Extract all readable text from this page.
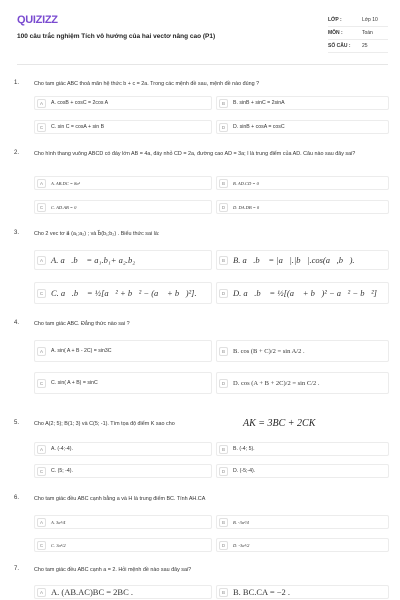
QUIZIZZ
100 câu trắc nghiệm Tích vô hướng của hai vectơ nâng cao (P1)
LỚP :	Lớp 10
MÔN :	Toán
SỐ CÂU :	25
1.	Cho tam giác ABC thoả mãn hệ thức b + c = 2a. Trong các mệnh đề sau, mệnh đề nào đúng ?
A	A. cosB + cosC = 2cos A	B	B. sinB + sinC = 2sinA
C	C. sin C = cosA + sin B	D	D. sinB + cosA = cosC
2.	Cho hình thang vuông ABCD có đáy lớn AB = 4a, đáy nhỏ CD = 2a, đường cao AD = 3a; I là trung điểm của AD. Câu nào sau đây sai?
A	A. AB.DC = 8a²	B	B. AD.CD = 0
C	C. AD.AB = 0	D	D. DA.DB = 0
3.	Cho 2 vec tơ a⃗ (a₁;a₂) ; và b⃗(b₁;b₂) . Biểu thức sai là:
A A. a⃗.b⃗ = a₁.b₁+ a₂.b₂	B B. a⃗.b⃗ = |a⃗|.|b⃗|.cos(a⃗,b⃗).
C C. a⃗.b⃗ = ½[a⃗² + b⃗² − (a⃗ + b⃗)²].	D D. a⃗.b⃗ = ½[(a⃗ + b⃗)² − a⃗² − b⃗²]
4.	Cho tam giác ABC. Đẳng thức nào sai ?
A	A. sin( A + B - 2C) = sin3C	B	B. cos (B + C)/2 = sin A/2 .
C	C. sin( A + B) = sinC	D	D. cos (A + B + 2C)/2 = sin C/2 .
5.	Cho A(2; 5); B(1; 3) và C(5; -1). Tìm tọa độ điểm K sao cho	AK = 3BC + 2CK
A	A. (-4;-4).	B	B. (-4; 5).
C	C. (5; -4).	D	D. (-5;-4).
6.	Cho tam giác đều ABC cạnh bằng a và H là trung điểm BC. Tính AH.CA
A	A. 3a²/4	B	B. -3a²/4
C	C. 3a²/2	D	D. -3a²/2
7.	Cho tam giác đều ABC cạnh a = 2. Hỏi mệnh đề nào sau đây sai?
A A. (AB.AC)BC = 2BC .	B B. BC.CA = −2 .
